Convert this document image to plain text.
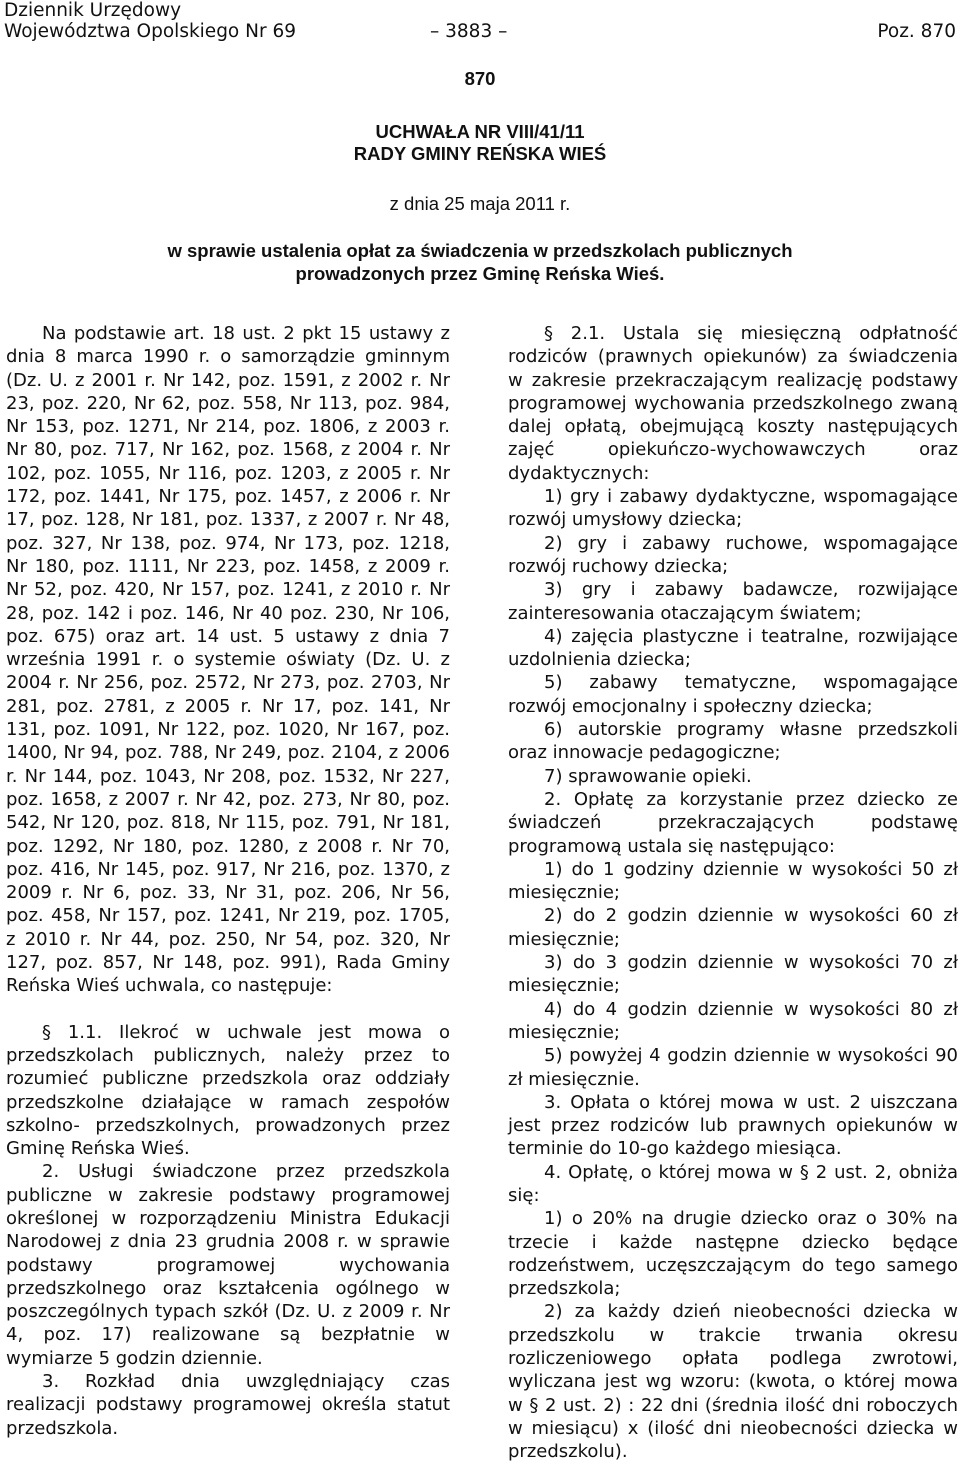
Dziennik Urzędowy
Województwa Opolskiego Nr 69	– 3883 –	Poz. 870
870
UCHWAŁA NR VIII/41/11
RADY GMINY REŃSKA WIEŚ
z dnia 25 maja 2011 r.
w sprawie ustalenia opłat za świadczenia w przedszkolach publicznych
prowadzonych przez Gminę Reńska Wieś.

Na podstawie art. 18 ust. 2 pkt 15 ustawy z dnia 8 marca 1990 r. o samorządzie gminnym (Dz. U. z 2001 r. Nr 142, poz. 1591, z 2002 r. Nr 23, poz. 220, Nr 62, poz. 558, Nr 113, poz. 984, Nr 153, poz. 1271, Nr 214, poz. 1806, z 2003 r. Nr 80, poz. 717, Nr 162, poz. 1568, z 2004 r. Nr 102, poz. 1055, Nr 116, poz. 1203, z 2005 r. Nr 172, poz. 1441, Nr 175, poz. 1457, z 2006 r. Nr 17, poz. 128, Nr 181, poz. 1337, z 2007 r. Nr 48, poz. 327, Nr 138, poz. 974, Nr 173, poz. 1218, Nr 180, poz. 1111, Nr 223, poz. 1458, z 2009 r. Nr 52, poz. 420, Nr 157, poz. 1241, z 2010 r. Nr 28, poz. 142 i poz. 146, Nr 40 poz. 230, Nr 106, poz. 675) oraz art. 14 ust. 5 ustawy z dnia 7 września 1991 r. o systemie oświaty (Dz. U. z 2004 r. Nr 256, poz. 2572, Nr 273, poz. 2703, Nr 281, poz. 2781, z 2005 r. Nr 17, poz. 141, Nr 131, poz. 1091, Nr 122, poz. 1020, Nr 167, poz. 1400, Nr 94, poz. 788, Nr 249, poz. 2104, z 2006 r. Nr 144, poz. 1043, Nr 208, poz. 1532, Nr 227, poz. 1658, z 2007 r. Nr 42, poz. 273, Nr 80, poz. 542, Nr 120, poz. 818, Nr 115, poz. 791, Nr 181, poz. 1292, Nr 180, poz. 1280, z 2008 r. Nr 70, poz. 416, Nr 145, poz. 917, Nr 216, poz. 1370, z 2009 r. Nr 6, poz. 33, Nr 31, poz. 206, Nr 56, poz. 458, Nr 157, poz. 1241, Nr 219, poz. 1705, z 2010 r. Nr 44, poz. 250, Nr 54, poz. 320, Nr 127, poz. 857, Nr 148, poz. 991), Rada Gminy Reńska Wieś uchwala, co następuje:

§ 1.1. Ilekroć w uchwale jest mowa o przedszkolach publicznych, należy przez to rozumieć publiczne przedszkola oraz oddziały przedszkolne działające w ramach zespołów szkolno- przedszkolnych, prowadzonych przez Gminę Reńska Wieś.

2. Usługi świadczone przez przedszkola publiczne w zakresie podstawy programowej określonej w rozporządzeniu Ministra Edukacji Narodowej z dnia 23 grudnia 2008 r. w sprawie podstawy programowej wychowania przedszkolnego oraz kształcenia ogólnego w poszczególnych typach szkół (Dz. U. z 2009 r. Nr 4, poz. 17) realizowane są bezpłatnie w wymiarze 5 godzin dziennie.

3. Rozkład dnia uwzględniający czas realizacji podstawy programowej określa statut przedszkola.

§ 2.1. Ustala się miesięczną odpłatność rodziców (prawnych opiekunów) za świadczenia w zakresie przekraczającym realizację podstawy programowej wychowania przedszkolnego zwaną dalej opłatą, obejmującą koszty następujących zajęć opiekuńczo-wychowawczych oraz dydaktycznych:

1) gry i zabawy dydaktyczne, wspomagające rozwój umysłowy dziecka;

2) gry i zabawy ruchowe, wspomagające rozwój ruchowy dziecka;

3) gry i zabawy badawcze, rozwijające zainteresowania otaczającym światem;

4) zajęcia plastyczne i teatralne, rozwijające uzdolnienia dziecka;

5) zabawy tematyczne, wspomagające rozwój emocjonalny i społeczny dziecka;

6) autorskie programy własne przedszkoli oraz innowacje pedagogiczne;

7) sprawowanie opieki.

2. Opłatę za korzystanie przez dziecko ze świadczeń przekraczających podstawę programową ustala się następująco:

1) do 1 godziny dziennie w wysokości 50 zł miesięcznie;

2) do 2 godzin dziennie w wysokości 60 zł miesięcznie;

3) do 3 godzin dziennie w wysokości 70 zł miesięcznie;

4) do 4 godzin dziennie w wysokości 80 zł miesięcznie;

5) powyżej 4 godzin dziennie w wysokości 90 zł miesięcznie.

3. Opłata o której mowa w ust. 2 uiszczana jest przez rodziców lub prawnych opiekunów w terminie do 10-go każdego miesiąca.

4. Opłatę, o której mowa w § 2 ust. 2, obniża się:

1) o 20% na drugie dziecko oraz o 30% na trzecie i każde następne dziecko będące rodzeństwem, uczęszczającym do tego samego przedszkola;

2) za każdy dzień nieobecności dziecka w przedszkolu w trakcie trwania okresu rozliczeniowego opłata podlega zwrotowi, wyliczana jest wg wzoru: (kwota, o której mowa w § 2 ust. 2) : 22 dni (średnia ilość dni roboczych w miesiącu) x (ilość dni nieobecności dziecka w przedszkolu).
